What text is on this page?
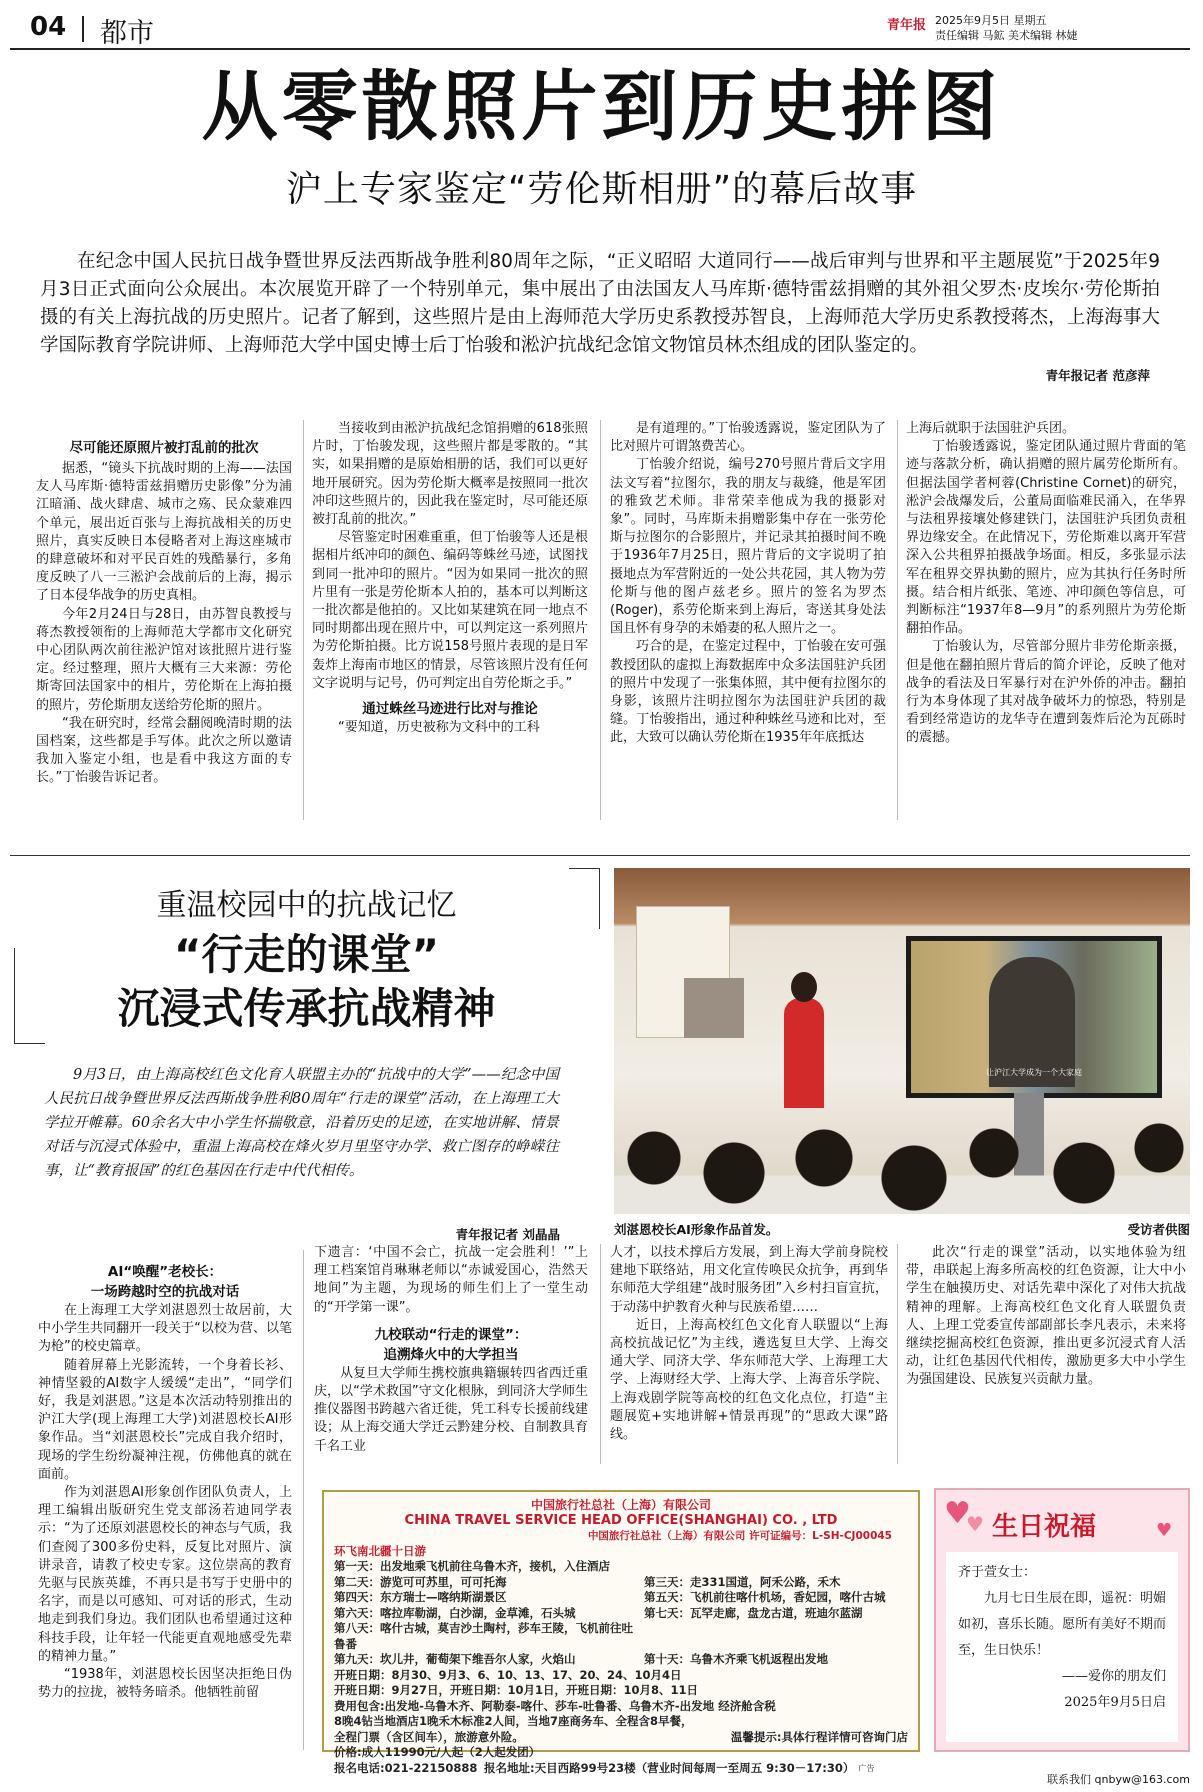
04 都市	青年报 2025年9月5日 星期五
责任编辑 马鉱 美术编辑 林婕
从零散照片到历史拼图
沪上专家鉴定“劳伦斯相册”的幕后故事

在纪念中国人民抗日战争暨世界反法西斯战争胜利80周年之际，“正义昭昭 大道同行——战后审判与世界和平主题展览”于2025年9月3日正式面向公众展出。本次展览开辟了一个特别单元，集中展出了由法国友人马库斯·德特雷兹捐赠的其外祖父罗杰·皮埃尔·劳伦斯拍摄的有关上海抗战的历史照片。记者了解到，这些照片是由上海师范大学历史系教授苏智良，上海师范大学历史系教授蒋杰，上海海事大学国际教育学院讲师、上海师范大学中国史博士后丁怡骏和淞沪抗战纪念馆文物馆员林杰组成的团队鉴定的。

青年报记者 范彦萍

尽可能还原照片被打乱前的批次

据悉，“镜头下抗战时期的上海——法国友人马库斯·德特雷兹捐赠历史影像”分为浦江暗涌、战火肆虐、城市之殇、民众蒙难四个单元，展出近百张与上海抗战相关的历史照片，真实反映日本侵略者对上海这座城市的肆意破坏和对平民百姓的残酷暴行，多角度反映了八一三淞沪会战前后的上海，揭示了日本侵华战争的历史真相。

今年2月24日与28日，由苏智良教授与蒋杰教授领衔的上海师范大学都市文化研究中心团队两次前往淞沪馆对该批照片进行鉴定。经过整理，照片大概有三大来源：劳伦斯寄回法国家中的相片，劳伦斯在上海拍摄的照片，劳伦斯朋友送给劳伦斯的照片。

“我在研究时，经常会翻阅晚清时期的法国档案，这些都是手写体。此次之所以邀请我加入鉴定小组，也是看中我这方面的专长。”丁怡骏告诉记者。

当接收到由淞沪抗战纪念馆捐赠的618张照片时，丁怡骏发现，这些照片都是零散的。“其实，如果捐赠的是原始相册的话，我们可以更好地开展研究。因为劳伦斯大概率是按照同一批次冲印这些照片的，因此我在鉴定时，尽可能还原被打乱前的批次。”

尽管鉴定时困难重重，但丁怡骏等人还是根据相片纸冲印的颜色、编码等蛛丝马迹，试图找到同一批冲印的照片。“因为如果同一批次的照片里有一张是劳伦斯本人拍的，基本可以判断这一批次都是他拍的。又比如某建筑在同一地点不同时期都出现在照片中，可以判定这一系列照片为劳伦斯拍摄。比方说158号照片表现的是日军轰炸上海南市地区的情景，尽管该照片没有任何文字说明与记号，仍可判定出自劳伦斯之手。”

通过蛛丝马迹进行比对与推论

“要知道，历史被称为文科中的工科

是有道理的。”丁怡骏透露说，鉴定团队为了比对照片可谓煞费苦心。

丁怡骏介绍说，编号270号照片背后文字用法文写着“拉图尔，我的朋友与裁缝，他是军团的雅致艺术师。非常荣幸他成为我的摄影对象”。同时，马库斯未捐赠影集中存在一张劳伦斯与拉图尔的合影照片，并记录其拍摄时间不晚于1936年7月25日，照片背后的文字说明了拍摄地点为军营附近的一处公共花园，其人物为劳伦斯与他的图卢兹老乡。照片的签名为罗杰(Roger)，系劳伦斯来到上海后，寄送其身处法国且怀有身孕的未婚妻的私人照片之一。

巧合的是，在鉴定过程中，丁怡骏在安可强教授团队的虚拟上海数据库中众多法国驻沪兵团的照片中发现了一张集体照，其中便有拉图尔的身影，该照片注明拉图尔为法国驻沪兵团的裁缝。丁怡骏指出，通过种种蛛丝马迹和比对，至此，大致可以确认劳伦斯在1935年年底抵达

上海后就职于法国驻沪兵团。

丁怡骏透露说，鉴定团队通过照片背面的笔迹与落款分析，确认捐赠的照片属劳伦斯所有。但据法国学者柯蓉(Christine Cornet)的研究，淞沪会战爆发后，公董局面临难民涌入，在华界与法租界接壤处修建铁门，法国驻沪兵团负责租界边缘安全。在此情况下，劳伦斯难以离开军营深入公共租界拍摄战争场面。相反，多张显示法军在租界交界执勤的照片，应为其执行任务时所摄。结合相片纸张、笔迹、冲印颜色等信息，可判断标注“1937年8—9月”的系列照片为劳伦斯翻拍作品。

丁怡骏认为，尽管部分照片非劳伦斯亲摄，但是他在翻拍照片背后的简介评论，反映了他对战争的看法及日军暴行对在沪外侨的冲击。翻拍行为本身体现了其对战争破坏力的惊恐，特别是看到经常造访的龙华寺在遭到轰炸后沦为瓦砾时的震撼。

重温校园中的抗战记忆
“行走的课堂”
沉浸式传承抗战精神

9月3日，由上海高校红色文化育人联盟主办的“抗战中的大学”——纪念中国人民抗日战争暨世界反法西斯战争胜利80周年“行走的课堂”活动，在上海理工大学拉开帷幕。60余名大中小学生怀揣敬意，沿着历史的足迹，在实地讲解、情景对话与沉浸式体验中，重温上海高校在烽火岁月里坚守办学、救亡图存的峥嵘往事，让“教育报国”的红色基因在行走中代代相传。

青年报记者 刘晶晶
让沪江大学成为一个大家庭
刘湛恩校长AI形象作品首发。	受访者供图

AI“唤醒”老校长：

一场跨越时空的抗战对话

在上海理工大学刘湛恩烈士故居前，大中小学生共同翻开一段关于“以校为营、以笔为枪”的校史篇章。

随着屏幕上光影流转，一个身着长衫、神情坚毅的AI数字人缓缓“走出”，“同学们好，我是刘湛恩。”这是本次活动特别推出的沪江大学(现上海理工大学)刘湛恩校长AI形象作品。当“刘湛恩校长”完成自我介绍时，现场的学生纷纷凝神注视，仿佛他真的就在面前。

作为刘湛恩AI形象创作团队负责人，上理工编辑出版研究生党支部汤若迪同学表示：“为了还原刘湛恩校长的神态与气质，我们查阅了300多份史料，反复比对照片、演讲录音，请教了校史专家。这位崇高的教育先驱与民族英雄，不再只是书写于史册中的名字，而是以可感知、可对话的形式，生动地走到我们身边。我们团队也希望通过这种科技手段，让年轻一代能更直观地感受先辈的精神力量。”

“1938年，刘湛恩校长因坚决拒绝日伪势力的拉拢，被特务暗杀。他牺牲前留

下遗言：‘中国不会亡，抗战一定会胜利！’”上理工档案馆肖琳琳老师以“赤诚爱国心，浩然天地间”为主题，为现场的师生们上了一堂生动的“开学第一课”。

九校联动“行走的课堂”：

追溯烽火中的大学担当

从复旦大学师生携校旗典籍辗转四省西迁重庆，以“学术救国”守文化根脉，到同济大学师生推仪器图书跨越六省迁徙，凭工科专长援前线建设；从上海交通大学迁云黔建分校、自制教具育千名工业

人才，以技术撑后方发展，到上海大学前身院校建地下联络站，用文化宣传唤民众抗争，再到华东师范大学组建“战时服务团”入乡村扫盲宣抗，于动荡中护教育火种与民族希望……

近日，上海高校红色文化育人联盟以“上海高校抗战记忆”为主线，遴选复旦大学、上海交通大学、同济大学、华东师范大学、上海理工大学、上海财经大学、上海大学、上海音乐学院、上海戏剧学院等高校的红色文化点位，打造“主题展览+实地讲解+情景再现”的“思政大课”路线。

此次“行走的课堂”活动，以实地体验为纽带，串联起上海多所高校的红色资源，让大中小学生在触摸历史、对话先辈中深化了对伟大抗战精神的理解。上海高校红色文化育人联盟负责人、上理工党委宣传部副部长李凡表示，未来将继续挖掘高校红色资源，推出更多沉浸式育人活动，让红色基因代代相传，激励更多大中小学生为强国建设、民族复兴贡献力量。

中国旅行社总社（上海）有限公司
CHINA TRAVEL SERVICE HEAD OFFICE(SHANGHAI) CO. , LTD
中国旅行社总社（上海）有限公司 许可证编号：L-SH-CJ00045
环飞南北疆十日游
第一天：出发地乘飞机前往乌鲁木齐，接机，入住酒店
第二天：游览可可苏里，可可托海	第三天：走331国道，阿禾公路，禾木
第四天：东方瑞士—喀纳斯湖景区	第五天：飞机前往喀什机场，香妃园，喀什古城
第六天：喀拉库勒湖，白沙湖，金草滩，石头城	第七天：瓦罕走廊，盘龙古道，班迪尔蓝湖
第八天：喀什古城，莫吉沙土陶村，莎车王陵，飞机前往吐鲁番
第九天：坎儿井，葡萄架下维吾尔人家，火焰山	第十天：乌鲁木齐乘飞机返程出发地
开班日期：8月30、9月3、6、10、13、17、20、24、10月4日
开班日期：9月27日，开班日期：10月1日，开班日期：10月8、11日
费用包含:出发地-乌鲁木齐、阿勒泰-喀什、莎车-吐鲁番、乌鲁木齐-出发地 经济舱含税
8晚4钻当地酒店1晚禾木标准2人间，当地7座商务车、全程含8早餐，
全程门票（含区间车），旅游意外险。	温馨提示:具体行程详情可咨询门店
价格:成人11990元/人起（2人起发团）
报名电话:021-22150888 报名地址:天目西路99号23楼（营业时间每周一至周五 9:30－17:30） 广告
♥
♥	♥
生日祝福
齐于萱女士：
九月七日生辰在即，遥祝：明媚如初，喜乐长随。愿所有美好不期而至，生日快乐！
——爱你的朋友们
2025年9月5日启
联系我们 qnbyw@163.com
